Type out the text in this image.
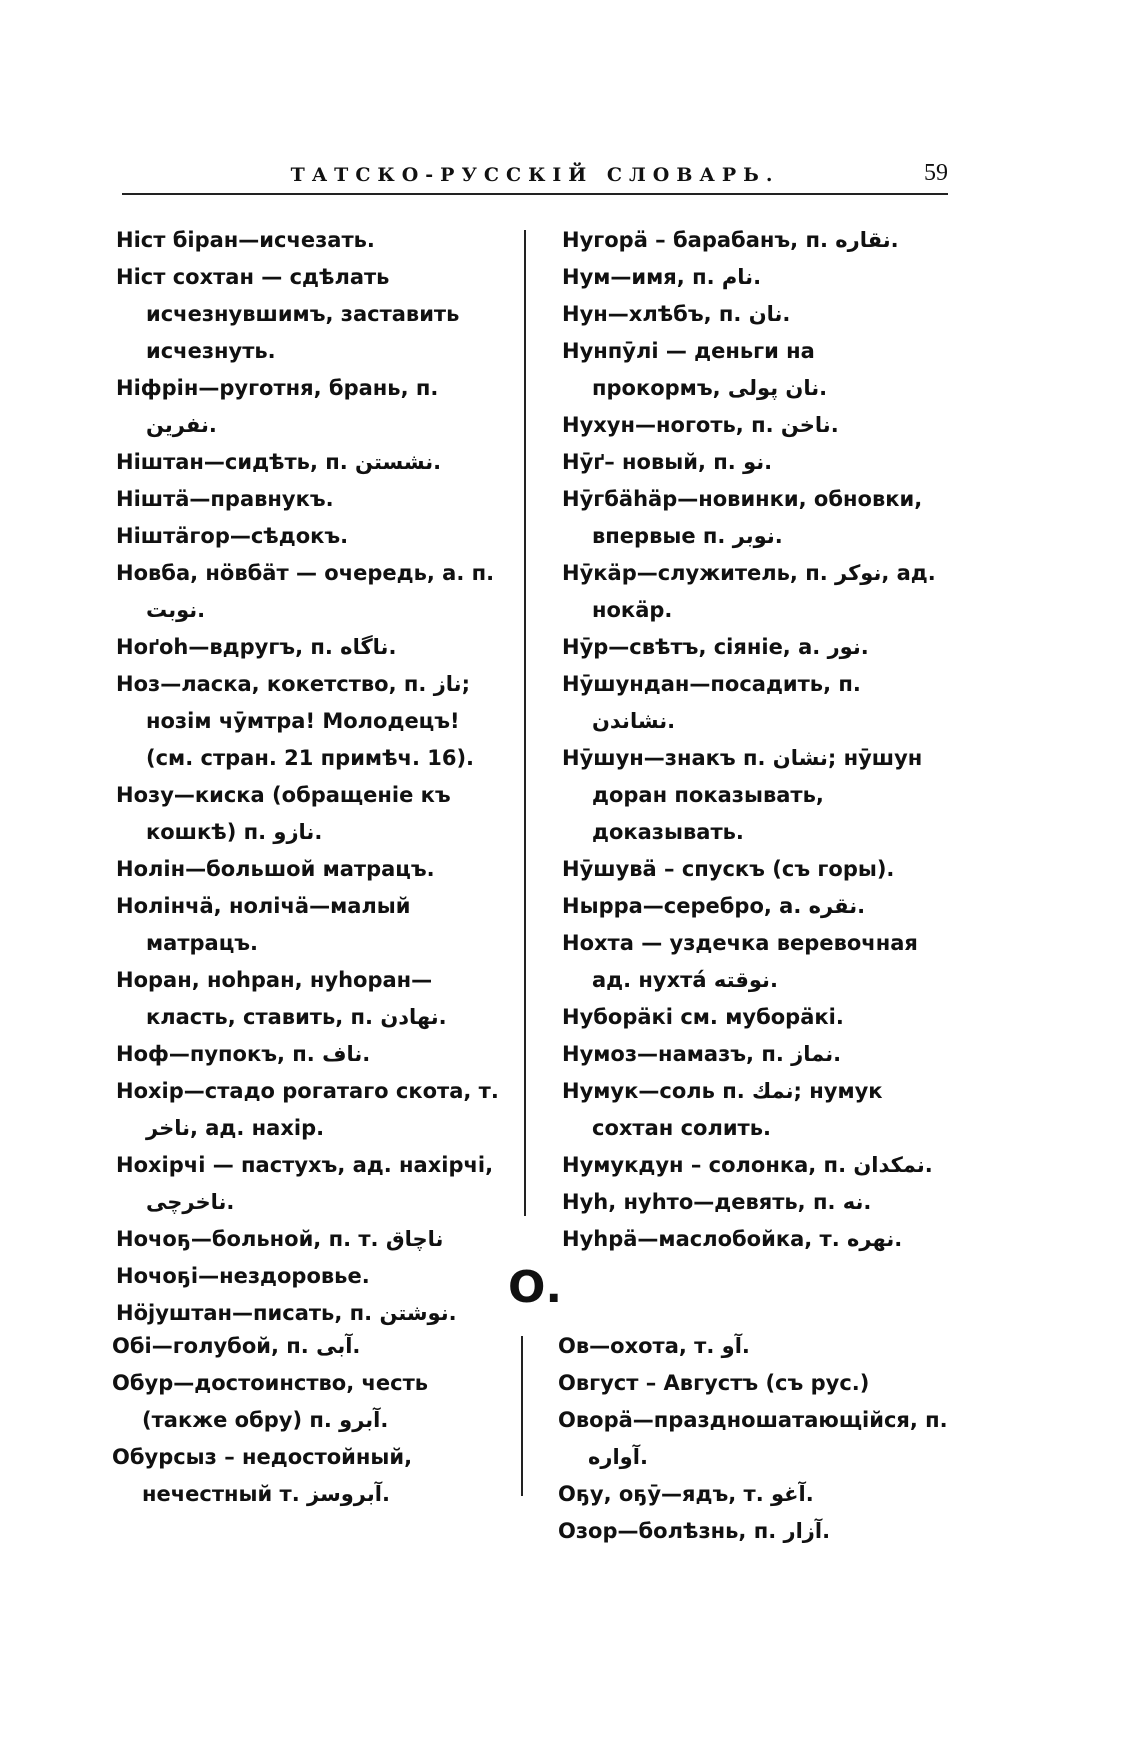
ТАТСКО-РУССКІЙ СЛОВАРЬ.	59
Ніст біран—исчезать.
Ніст сохтан — сдѣлать исчезнувшимъ, заставить исчезнуть.
Ніфрін—руготня, брань, п. نفرين.
Ніштан—сидѣть, п. نشستن.
Ніштä—правнукъ.
Ніштäгор—сѣдокъ.
Новба, нöвбäт — очередь, а. п. نوبت.
Ноґоh—вдругъ, п. ناگاه.
Ноз—ласка, кокетство, п. ناز; нозім чӯмтра! Молодецъ! (см. стран. 21 примѣч. 16).
Нозу—киска (обращеніе къ кошкѣ) п. نازو.
Нолін—большой матрацъ.
Нолінчä, нолічä—малый матрацъ.
Норан, ноhран, нуhоран—класть, ставить, п. نهادن.
Ноф—пупокъ, п. ناف.
Нохір—стадо рогатаго скота, т. ناخر, ад. нахір.
Нохірчі — пастухъ, ад. нахірчі, ناخرچی.
Ночоҕ—больной, п. т. ناچاق
Ночоҕі—нездоровье.
Нöјуштан—писать, п. نوشتن.
Нугорä – барабанъ, п. نقاره.
Нум—имя, п. نام.
Нун—хлѣбъ, п. نان.
Нунпӯлі — деньги на прокормъ, نان پولی.
Нухун—ноготь, п. ناخن.
Нӯґ– новый, п. نو.
Нӯгбähäр—новинки, обновки, впервые п. نوبر.
Нӯкäр—служитель, п. نوکر, ад. нокäр.
Нӯр—свѣтъ, сіяніе, а. نور.
Нӯшундан—посадить, п. نشاندن.
Нӯшун—знакъ п. نشان; нӯшун доран показывать, доказывать.
Нӯшувä – спускъ (съ горы).
Нырра—серебро, а. نقره.
Нохта — уздечка веревочная ад. нухтá نوقته.
Нуборäкі см. муборäкі.
Нумоз—намазъ, п. نماز.
Нумук—соль п. نمك; нумук сохтан солить.
Нумукдун – солонка, п. نمکدان.
Нуh, нуhто—девять, п. نه.
Нуhрä—маслобойка, т. نهره.
О.
Обі—голубой, п. آبی.
Обур—достоинство, честь (также обру) п. آبرو.
Обурсыз – недостойный, нечестный т. آبروسز.
Ов—охота, т. آو.
Овгуст – Августъ (съ рус.)
Оворä—праздношатающійся, п. آواره.
Оҕу, оҕӯ—ядъ, т. آغو.
Озор—болѣзнь, п. آزار.
